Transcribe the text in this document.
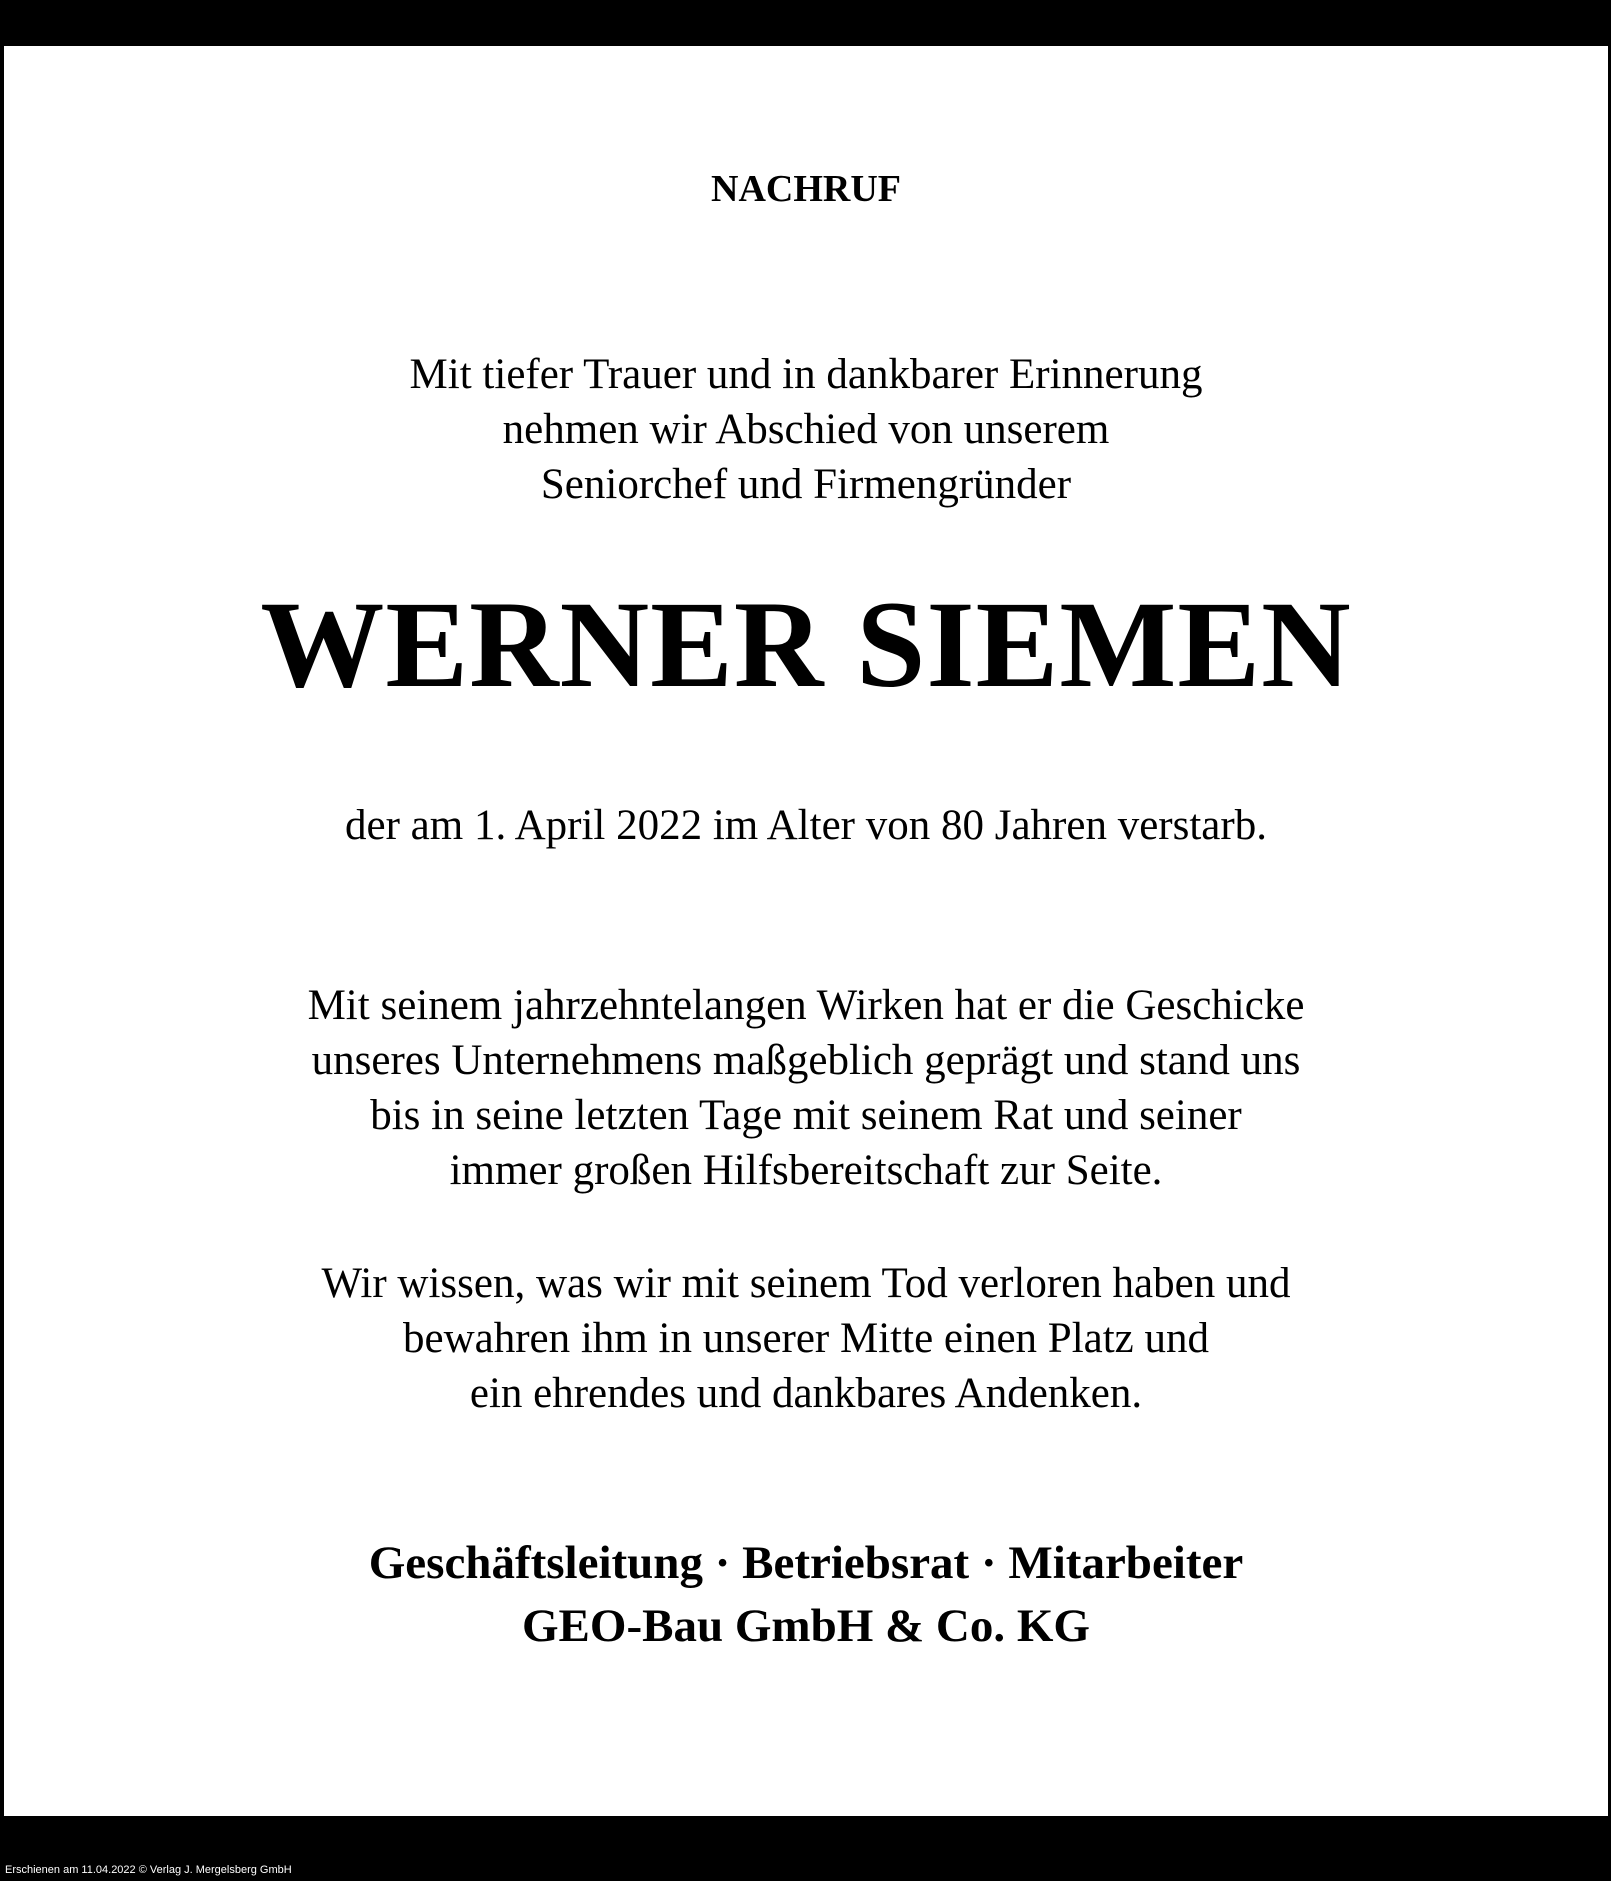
NACHRUF
Mit tiefer Trauer und in dankbarer Erinnerung
nehmen wir Abschied von unserem
Seniorchef und Firmengründer
WERNER SIEMEN
der am 1. April 2022 im Alter von 80 Jahren verstarb.
Mit seinem jahrzehntelangen Wirken hat er die Geschicke
unseres Unternehmens maßgeblich geprägt und stand uns
bis in seine letzten Tage mit seinem Rat und seiner
immer großen Hilfsbereitschaft zur Seite.
Wir wissen, was wir mit seinem Tod verloren haben und
bewahren ihm in unserer Mitte einen Platz und
ein ehrendes und dankbares Andenken.
Geschäftsleitung · Betriebsrat · Mitarbeiter
GEO-Bau GmbH & Co. KG
Erschienen am 11.04.2022 © Verlag J. Mergelsberg GmbH
